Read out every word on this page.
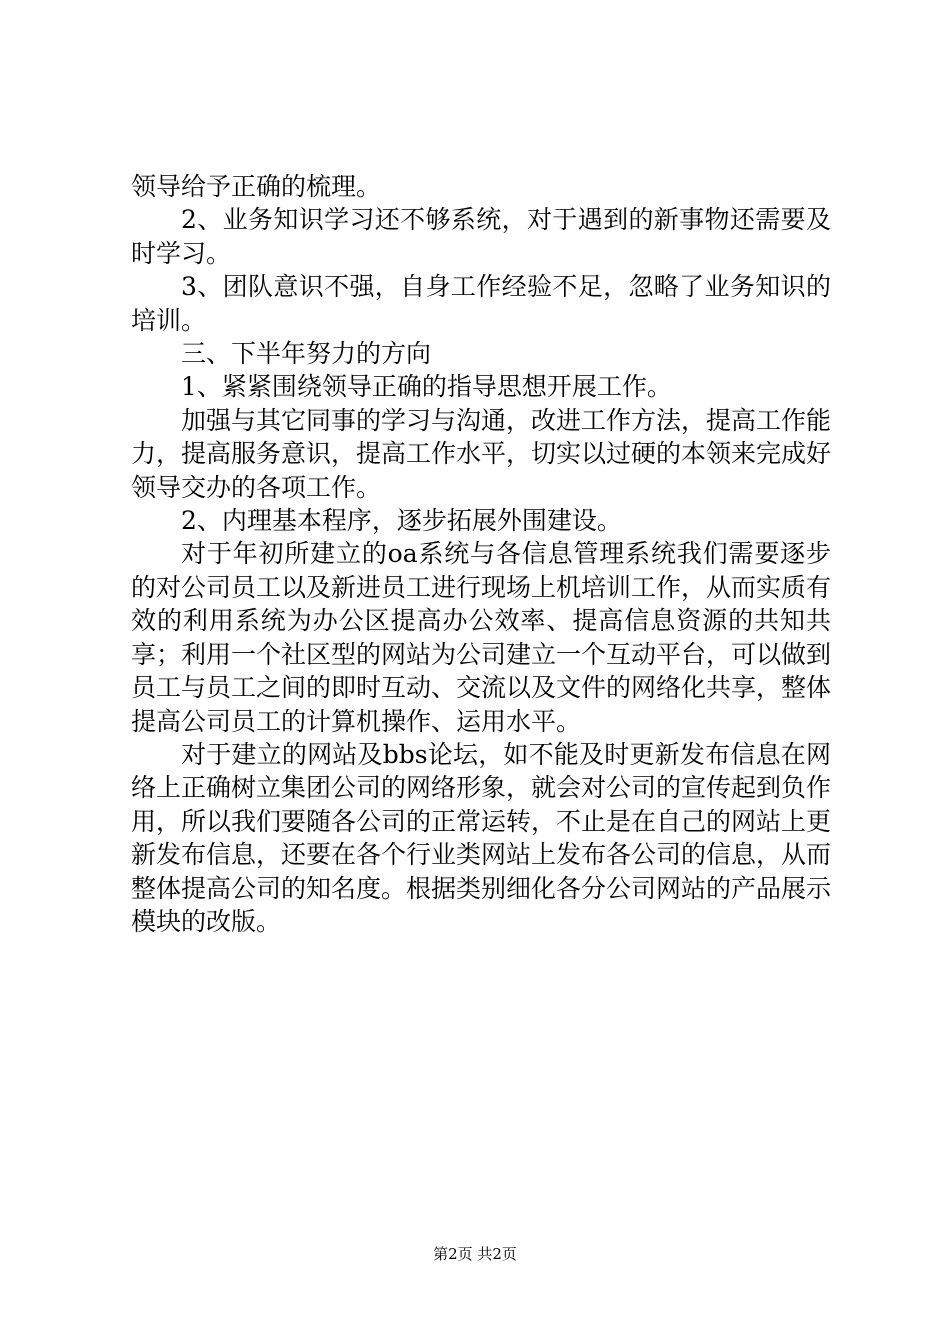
领导给予正确的梳理。

2、业务知识学习还不够系统，对于遇到的新事物还需要及时学习。

3、团队意识不强，自身工作经验不足，忽略了业务知识的培训。

三、下半年努力的方向

1、紧紧围绕领导正确的指导思想开展工作。

加强与其它同事的学习与沟通，改进工作方法，提高工作能力，提高服务意识，提高工作水平，切实以过硬的本领来完成好领导交办的各项工作。

2、内理基本程序，逐步拓展外围建设。

对于年初所建立的oa系统与各信息管理系统我们需要逐步的对公司员工以及新进员工进行现场上机培训工作，从而实质有效的利用系统为办公区提高办公效率、提高信息资源的共知共享；利用一个社区型的网站为公司建立一个互动平台，可以做到员工与员工之间的即时互动、交流以及文件的网络化共享，整体提高公司员工的计算机操作、运用水平。

对于建立的网站及bbs论坛，如不能及时更新发布信息在网络上正确树立集团公司的网络形象，就会对公司的宣传起到负作用，所以我们要随各公司的正常运转，不止是在自己的网站上更新发布信息，还要在各个行业类网站上发布各公司的信息，从而整体提高公司的知名度。根据类别细化各分公司网站的产品展示模块的改版。

第2页 共2页
